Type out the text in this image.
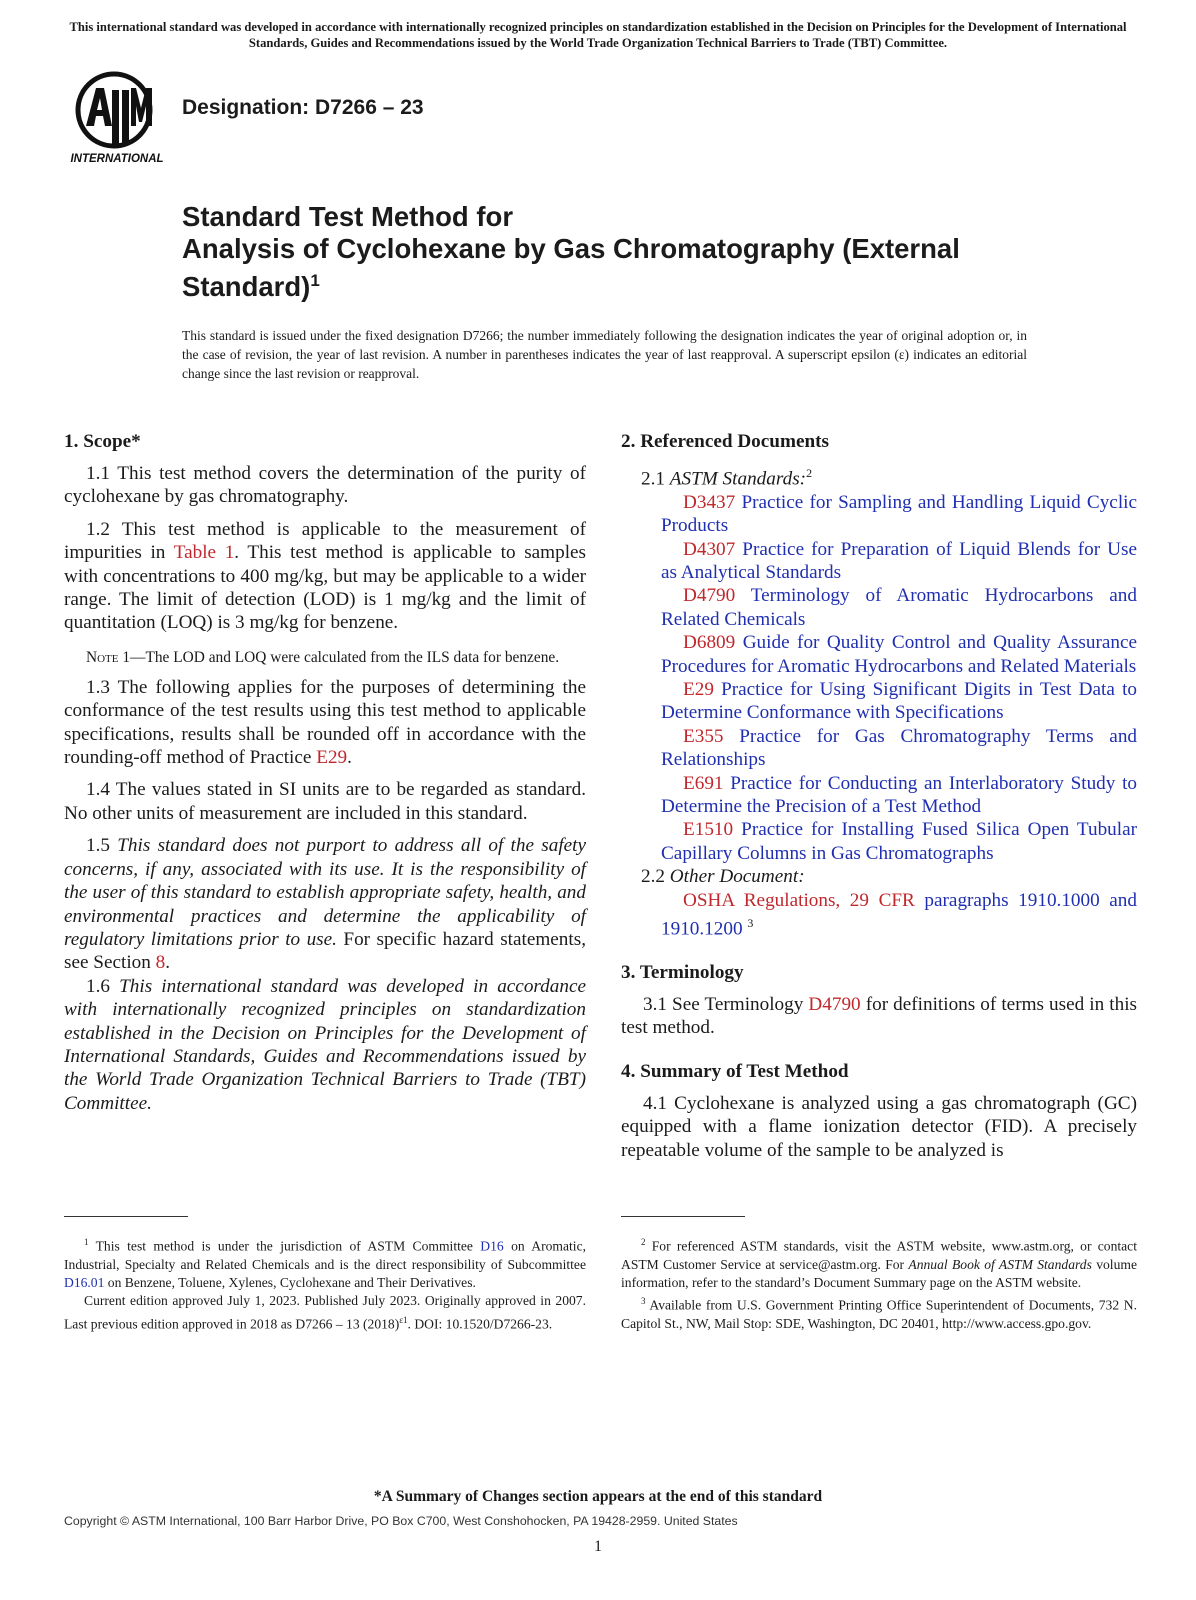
This international standard was developed in accordance with internationally recognized principles on standardization established in the Decision on Principles for the Development of International Standards, Guides and Recommendations issued by the World Trade Organization Technical Barriers to Trade (TBT) Committee.
INTERNATIONAL
Designation: D7266 – 23
Standard Test Method for
Analysis of Cyclohexane by Gas Chromatography (External
Standard)$^1$
This standard is issued under the fixed designation D7266; the number immediately following the designation indicates the year of original adoption or, in the case of revision, the year of last revision. A number in parentheses indicates the year of last reapproval. A superscript epsilon (ε) indicates an editorial change since the last revision or reapproval.
1. Scope*

1.1 This test method covers the determination of the purity of cyclohexane by gas chromatography.

1.2 This test method is applicable to the measurement of impurities in Table 1. This test method is applicable to samples with concentrations to 400 mg/kg, but may be applicable to a wider range. The limit of detection (LOD) is 1 mg/kg and the limit of quantitation (LOQ) is 3 mg/kg for benzene.

Note 1—The LOD and LOQ were calculated from the ILS data for benzene.

1.3 The following applies for the purposes of determining the conformance of the test results using this test method to applicable specifications, results shall be rounded off in accordance with the rounding-off method of Practice E29.

1.4 The values stated in SI units are to be regarded as standard. No other units of measurement are included in this standard.

1.5 This standard does not purport to address all of the safety concerns, if any, associated with its use. It is the responsibility of the user of this standard to establish appropriate safety, health, and environmental practices and determine the applicability of regulatory limitations prior to use. For specific hazard statements, see Section 8.

1.6 This international standard was developed in accordance with internationally recognized principles on standardization established in the Decision on Principles for the Development of International Standards, Guides and Recommendations issued by the World Trade Organization Technical Barriers to Trade (TBT) Committee.

2. Referenced Documents

2.1 ASTM Standards:$^2$

D3437 Practice for Sampling and Handling Liquid Cyclic Products

D4307 Practice for Preparation of Liquid Blends for Use as Analytical Standards

D4790 Terminology of Aromatic Hydrocarbons and Related Chemicals

D6809 Guide for Quality Control and Quality Assurance Procedures for Aromatic Hydrocarbons and Related Materials

E29 Practice for Using Significant Digits in Test Data to Determine Conformance with Specifications

E355 Practice for Gas Chromatography Terms and Relationships

E691 Practice for Conducting an Interlaboratory Study to Determine the Precision of a Test Method

E1510 Practice for Installing Fused Silica Open Tubular Capillary Columns in Gas Chromatographs

2.2 Other Document:

OSHA Regulations, 29 CFR paragraphs 1910.1000 and 1910.1200 $^3$

3. Terminology

3.1 See Terminology D4790 for definitions of terms used in this test method.

4. Summary of Test Method

4.1 Cyclohexane is analyzed using a gas chromatograph (GC) equipped with a flame ionization detector (FID). A precisely repeatable volume of the sample to be analyzed is

$^1$ This test method is under the jurisdiction of ASTM Committee D16 on Aromatic, Industrial, Specialty and Related Chemicals and is the direct responsibility of Subcommittee D16.01 on Benzene, Toluene, Xylenes, Cyclohexane and Their Derivatives.

Current edition approved July 1, 2023. Published July 2023. Originally approved in 2007. Last previous edition approved in 2018 as D7266 – 13 $(2018)^{\varepsilon 1}$. DOI: 10.1520/D7266-23.

$^2$ For referenced ASTM standards, visit the ASTM website, www.astm.org, or contact ASTM Customer Service at service@astm.org. For Annual Book of ASTM Standards volume information, refer to the standard’s Document Summary page on the ASTM website.

$^3$ Available from U.S. Government Printing Office Superintendent of Documents, 732 N. Capitol St., NW, Mail Stop: SDE, Washington, DC 20401, http://www.access.gpo.gov.

*A Summary of Changes section appears at the end of this standard
Copyright © ASTM International, 100 Barr Harbor Drive, PO Box C700, West Conshohocken, PA 19428-2959. United States
1
